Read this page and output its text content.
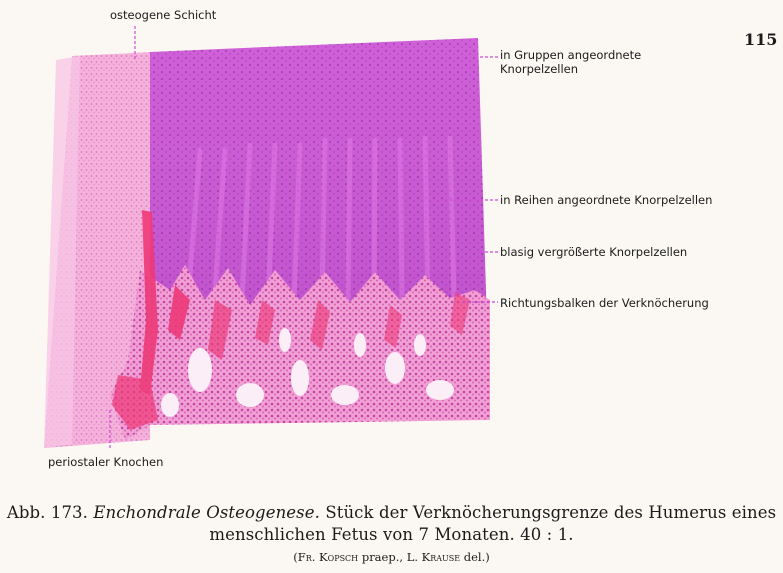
115
osteogene Schicht
in Gruppen angeordnete
Knorpelzellen
in Reihen angeordnete Knorpelzellen
blasig vergrößerte Knorpelzellen
Richtungsbalken der Verknöcherung
periostaler Knochen
Abb. 173. Enchondrale Osteogenese. Stück der Verknöcherungsgrenze des Humerus eines
menschlichen Fetus von 7 Monaten. 40 : 1.
(Fr. Kopsch praep., L. Krause del.)
